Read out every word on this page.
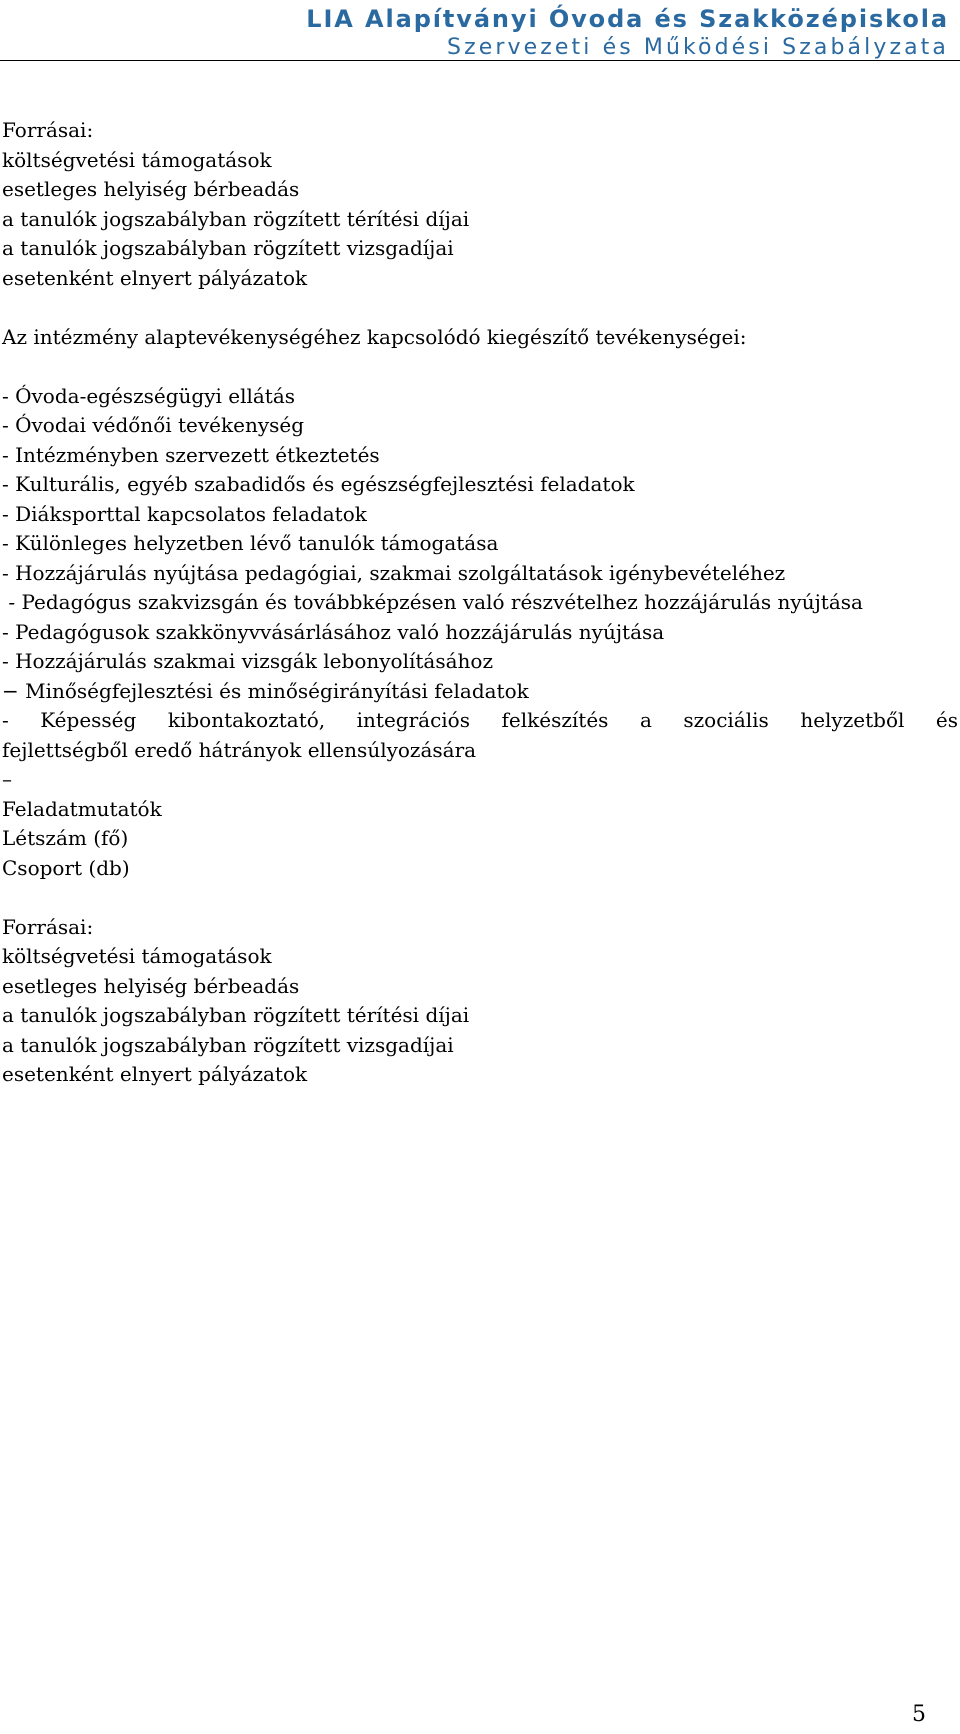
LIA Alapítványi Óvoda és Szakközépiskola
Szervezeti és Működési Szabályzata

Forrásai:

költségvetési támogatások

esetleges helyiség bérbeadás

a tanulók jogszabályban rögzített térítési díjai

a tanulók jogszabályban rögzített vizsgadíjai

esetenként elnyert pályázatok

Az intézmény alaptevékenységéhez kapcsolódó kiegészítő tevékenységei:

- Óvoda-egészségügyi ellátás

- Óvodai védőnői tevékenység

- Intézményben szervezett étkeztetés

- Kulturális, egyéb szabadidős és egészségfejlesztési feladatok

- Diáksporttal kapcsolatos feladatok

- Különleges helyzetben lévő tanulók támogatása

- Hozzájárulás nyújtása pedagógiai, szakmai szolgáltatások igénybevételéhez

- Pedagógus szakvizsgán és továbbképzésen való részvételhez hozzájárulás nyújtása

- Pedagógusok szakkönyvvásárlásához való hozzájárulás nyújtása

- Hozzájárulás szakmai vizsgák lebonyolításához

− Minőségfejlesztési és minőségirányítási feladatok

- Képesség kibontakoztató, integrációs felkészítés a szociális helyzetből és

fejlettségből eredő hátrányok ellensúlyozására

–

Feladatmutatók

Létszám (fő)

Csoport (db)

Forrásai:

költségvetési támogatások

esetleges helyiség bérbeadás

a tanulók jogszabályban rögzített térítési díjai

a tanulók jogszabályban rögzített vizsgadíjai

esetenként elnyert pályázatok

5
